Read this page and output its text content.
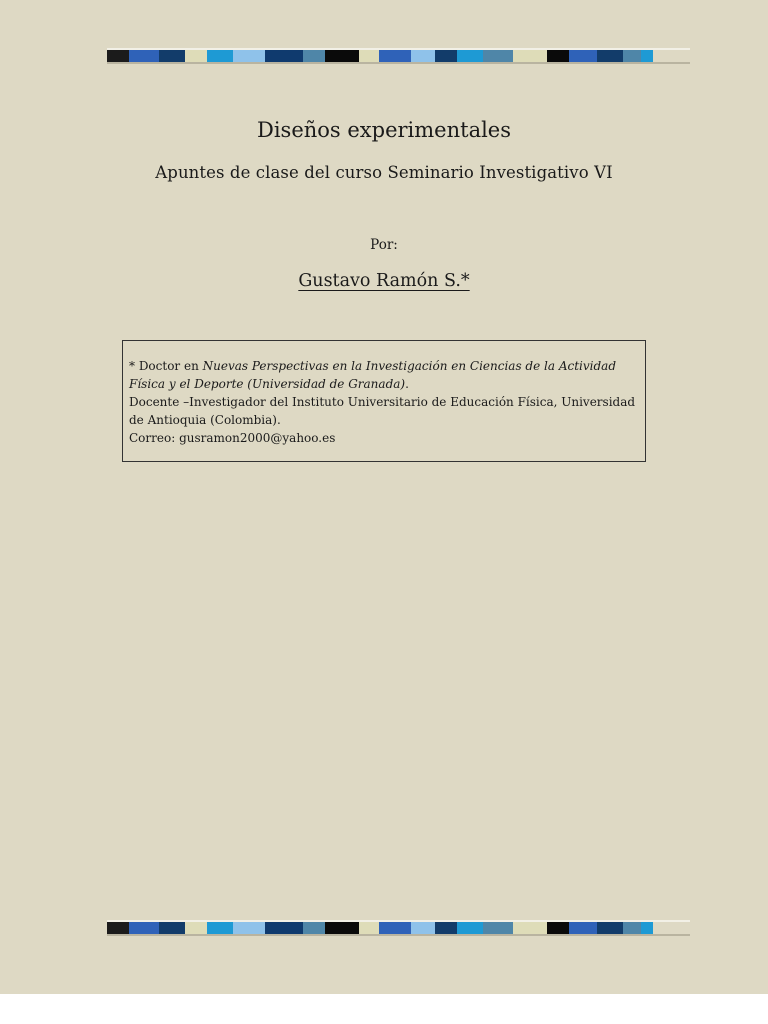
Diseños experimentales
Apuntes de clase del curso Seminario Investigativo VI
Por:
Gustavo Ramón S.*

* Doctor en Nuevas Perspectivas en la Investigación en Ciencias de la Actividad Física y el Deporte (Universidad de Granada).

Docente –Investigador del Instituto Universitario de Educación Física, Universidad de Antioquia (Colombia).

Correo: gusramon2000@yahoo.es
